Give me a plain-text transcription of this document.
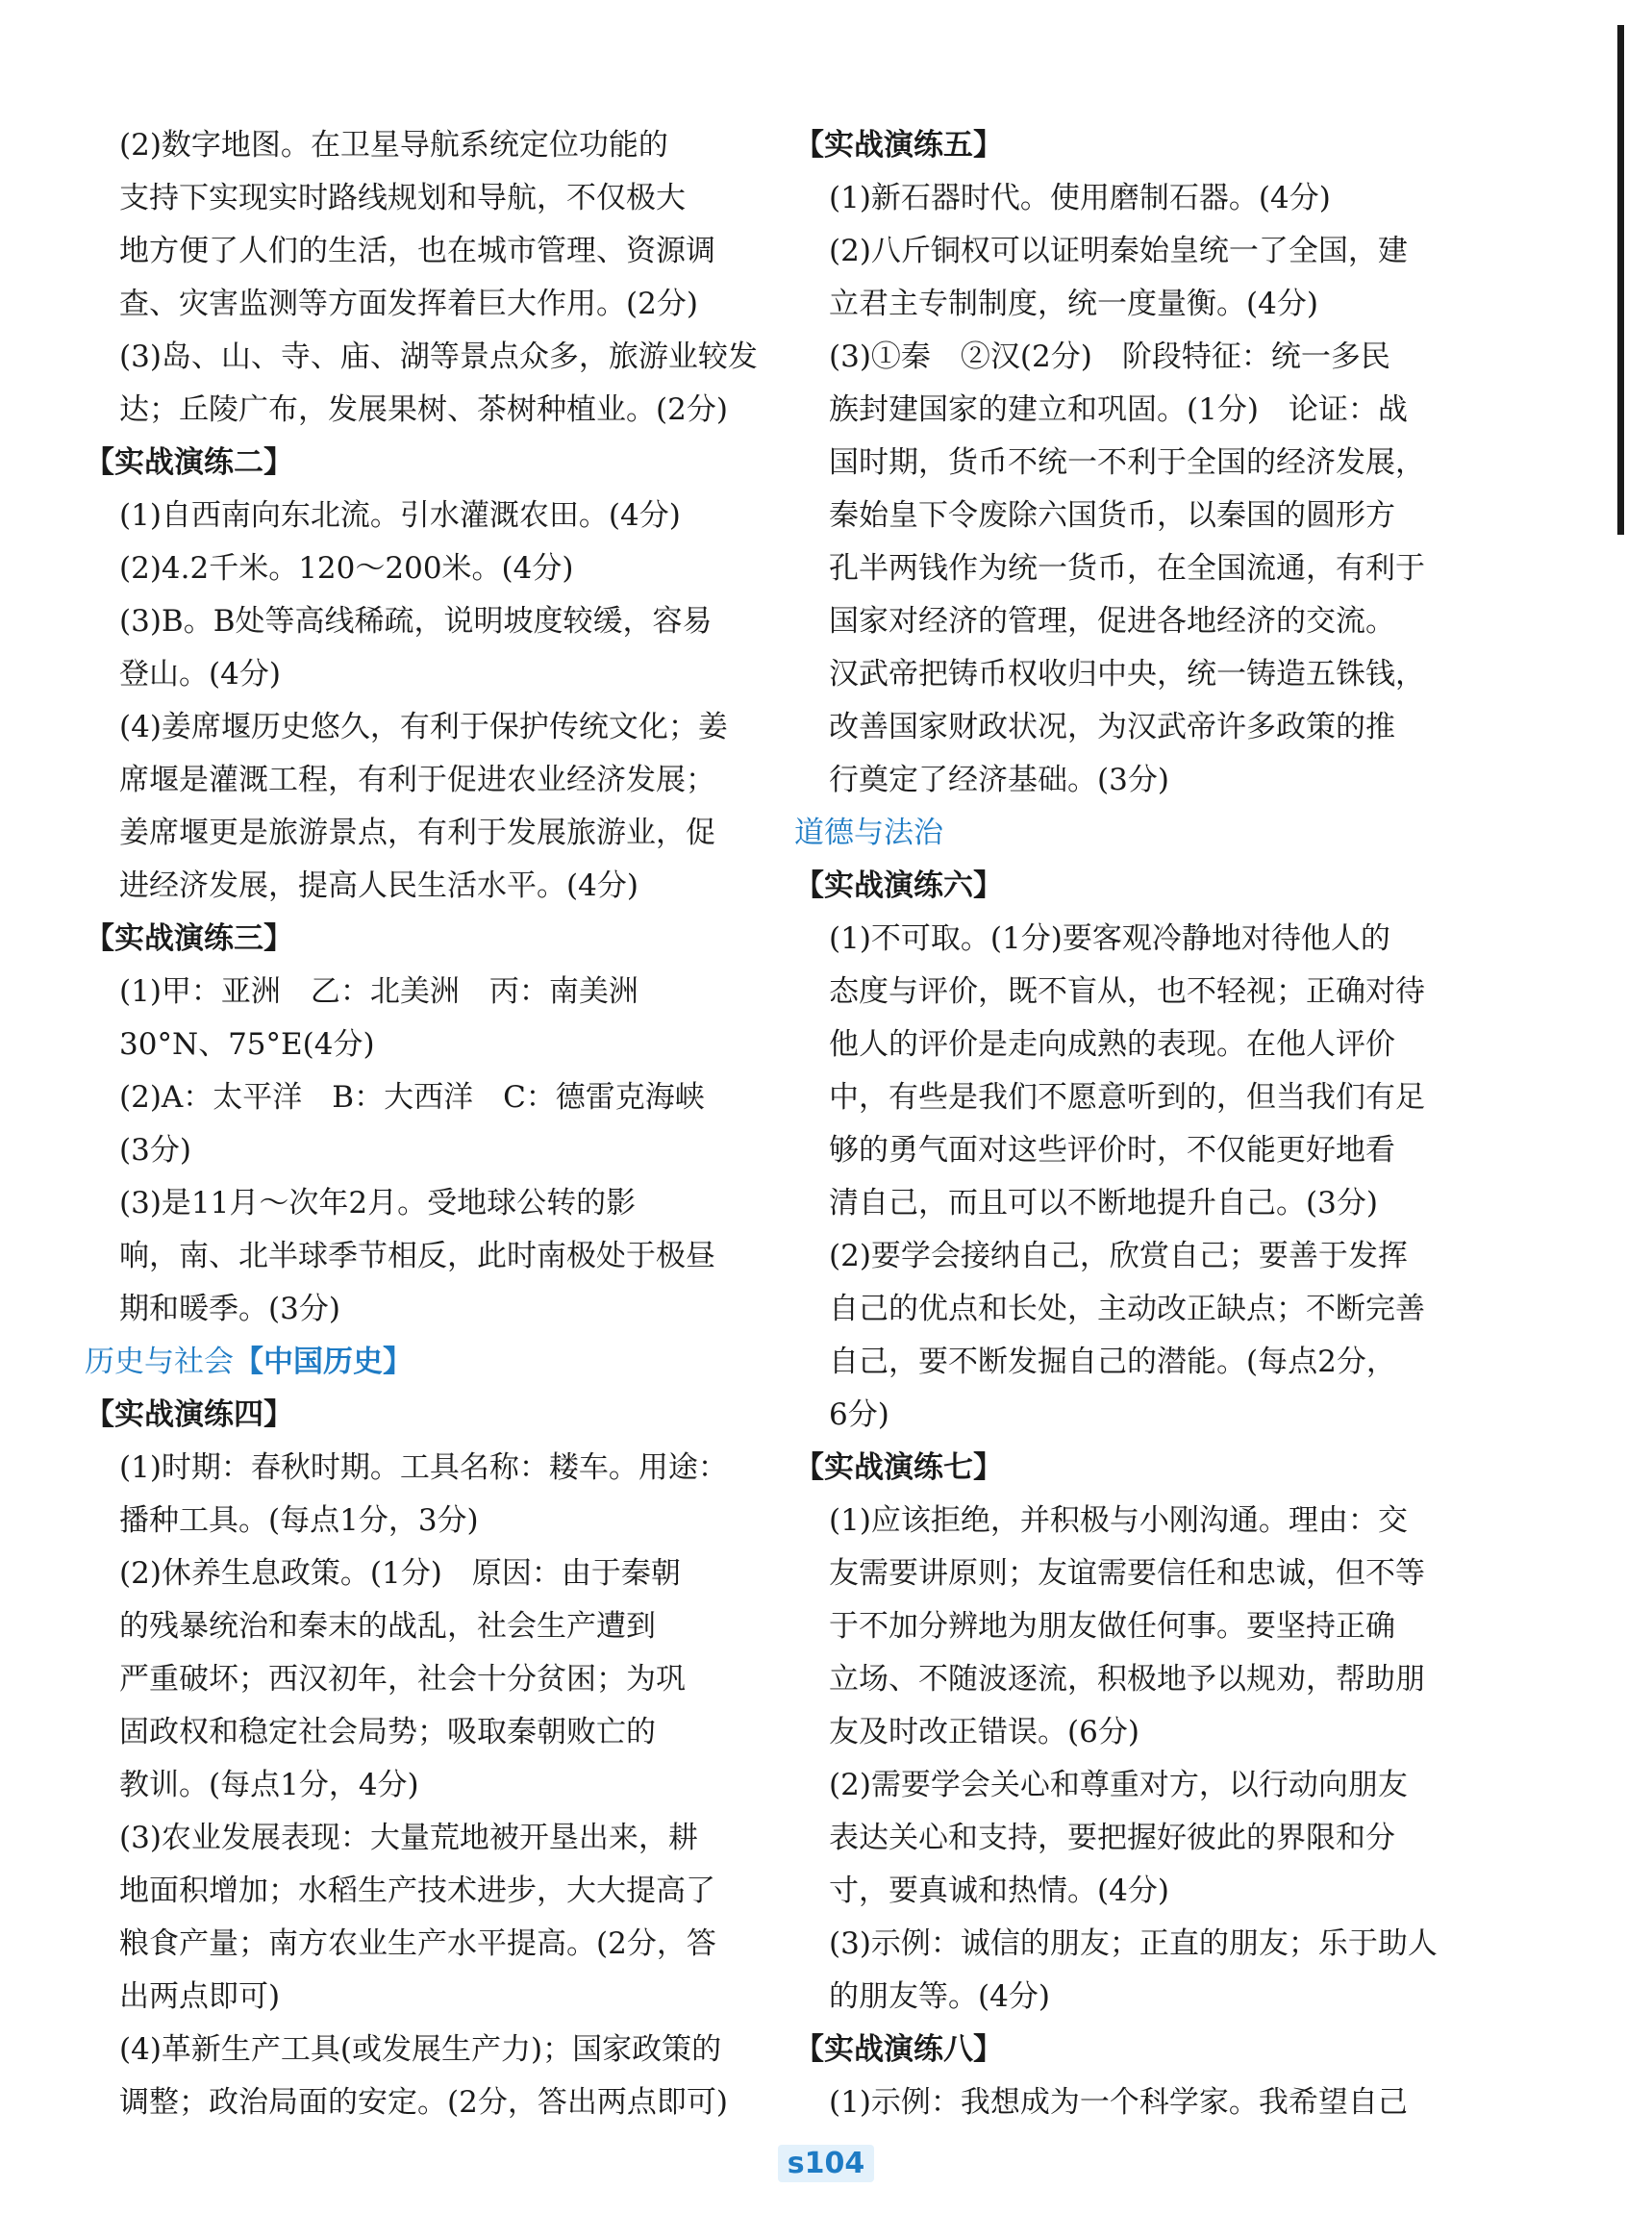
(2)数字地图。在卫星导航系统定位功能的
支持下实现实时路线规划和导航，不仅极大
地方便了人们的生活，也在城市管理、资源调
查、灾害监测等方面发挥着巨大作用。(2分)
(3)岛、山、寺、庙、湖等景点众多，旅游业较发
达；丘陵广布，发展果树、茶树种植业。(2分)
【实战演练二】
(1)自西南向东北流。引水灌溉农田。(4分)
(2)4.2千米。120～200米。(4分)
(3)B。B处等高线稀疏，说明坡度较缓，容易
登山。(4分)
(4)姜席堰历史悠久，有利于保护传统文化；姜
席堰是灌溉工程，有利于促进农业经济发展；
姜席堰更是旅游景点，有利于发展旅游业，促
进经济发展，提高人民生活水平。(4分)
【实战演练三】
(1)甲：亚洲　乙：北美洲　丙：南美洲
30°N、75°E(4分)
(2)A：太平洋　B：大西洋　C：德雷克海峡
(3分)
(3)是11月～次年2月。受地球公转的影
响，南、北半球季节相反，此时南极处于极昼
期和暖季。(3分)
历史与社会【中国历史】
【实战演练四】
(1)时期：春秋时期。工具名称：耧车。用途：
播种工具。(每点1分，3分)
(2)休养生息政策。(1分)　原因：由于秦朝
的残暴统治和秦末的战乱，社会生产遭到
严重破坏；西汉初年，社会十分贫困；为巩
固政权和稳定社会局势；吸取秦朝败亡的
教训。(每点1分，4分)
(3)农业发展表现：大量荒地被开垦出来，耕
地面积增加；水稻生产技术进步，大大提高了
粮食产量；南方农业生产水平提高。(2分，答
出两点即可)
(4)革新生产工具(或发展生产力)；国家政策的
调整；政治局面的安定。(2分，答出两点即可)
【实战演练五】
(1)新石器时代。使用磨制石器。(4分)
(2)八斤铜权可以证明秦始皇统一了全国，建
立君主专制制度，统一度量衡。(4分)
(3)①秦　②汉(2分)　阶段特征：统一多民
族封建国家的建立和巩固。(1分)　论证：战
国时期，货币不统一不利于全国的经济发展，
秦始皇下令废除六国货币，以秦国的圆形方
孔半两钱作为统一货币，在全国流通，有利于
国家对经济的管理，促进各地经济的交流。
汉武帝把铸币权收归中央，统一铸造五铢钱，
改善国家财政状况，为汉武帝许多政策的推
行奠定了经济基础。(3分)
道德与法治
【实战演练六】
(1)不可取。(1分)要客观冷静地对待他人的
态度与评价，既不盲从，也不轻视；正确对待
他人的评价是走向成熟的表现。在他人评价
中，有些是我们不愿意听到的，但当我们有足
够的勇气面对这些评价时，不仅能更好地看
清自己，而且可以不断地提升自己。(3分)
(2)要学会接纳自己，欣赏自己；要善于发挥
自己的优点和长处，主动改正缺点；不断完善
自己，要不断发掘自己的潜能。(每点2分，
6分)
【实战演练七】
(1)应该拒绝，并积极与小刚沟通。理由：交
友需要讲原则；友谊需要信任和忠诚，但不等
于不加分辨地为朋友做任何事。要坚持正确
立场、不随波逐流，积极地予以规劝，帮助朋
友及时改正错误。(6分)
(2)需要学会关心和尊重对方，以行动向朋友
表达关心和支持，要把握好彼此的界限和分
寸，要真诚和热情。(4分)
(3)示例：诚信的朋友；正直的朋友；乐于助人
的朋友等。(4分)
【实战演练八】
(1)示例：我想成为一个科学家。我希望自己
s104
